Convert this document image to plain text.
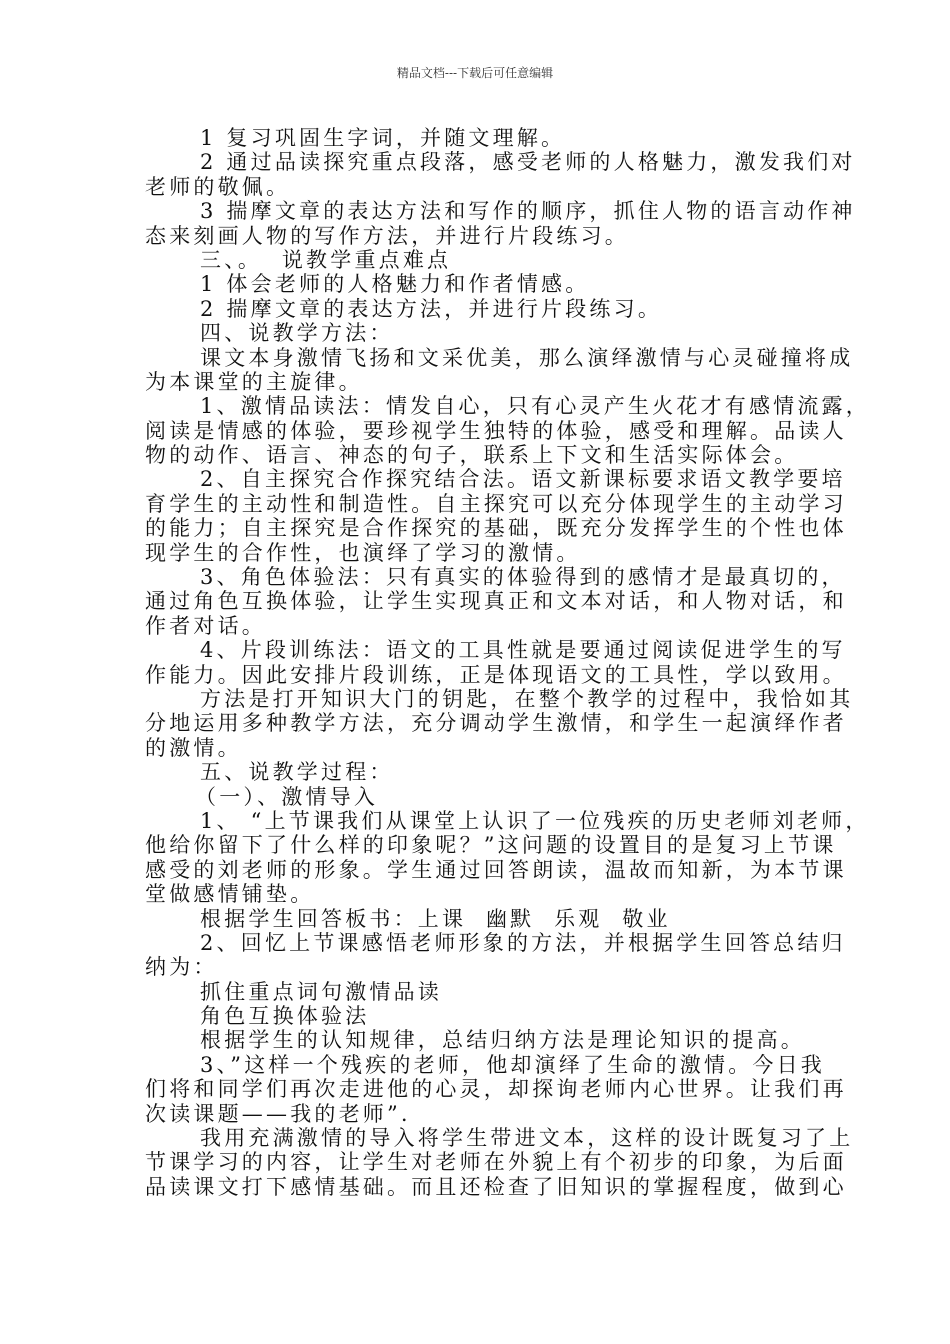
精品文档---下载后可任意编辑
1 复习巩固生字词，并随文理解。
2 通过品读探究重点段落，感受老师的人格魅力，激发我们对
老师的敬佩。
3 揣摩文章的表达方法和写作的顺序，抓住人物的语言动作神
态来刻画人物的写作方法，并进行片段练习。
三、。  说教学重点难点
1 体会老师的人格魅力和作者情感。
2 揣摩文章的表达方法，并进行片段练习。
四、说教学方法：
课文本身激情飞扬和文采优美，那么演绎激情与心灵碰撞将成
为本课堂的主旋律。
1、激情品读法：情发自心，只有心灵产生火花才有感情流露，
阅读是情感的体验，要珍视学生独特的体验，感受和理解。品读人
物的动作、语言、神态的句子，联系上下文和生活实际体会。
2、自主探究合作探究结合法。语文新课标要求语文教学要培
育学生的主动性和制造性。自主探究可以充分体现学生的主动学习
的能力；自主探究是合作探究的基础，既充分发挥学生的个性也体
现学生的合作性，也演绎了学习的激情。
3、角色体验法：只有真实的体验得到的感情才是最真切的，
通过角色互换体验，让学生实现真正和文本对话，和人物对话，和
作者对话。
4、片段训练法：语文的工具性就是要通过阅读促进学生的写
作能力。因此安排片段训练，正是体现语文的工具性，学以致用。
方法是打开知识大门的钥匙，在整个教学的过程中，我恰如其
分地运用多种教学方法，充分调动学生激情，和学生一起演绎作者
的激情。
五、说教学过程：
（一）、激情导入
1、 “上节课我们从课堂上认识了一位残疾的历史老师刘老师，
他给你留下了什么样的印象呢？”这问题的设置目的是复习上节课
感受的刘老师的形象。学生通过回答朗读，温故而知新，为本节课
堂做感情铺垫。
根据学生回答板书：上课  幽默  乐观  敬业
2、回忆上节课感悟老师形象的方法，并根据学生回答总结归
纳为：
抓住重点词句激情品读
角色互换体验法
根据学生的认知规律，总结归纳方法是理论知识的提高。
3、”这样一个残疾的老师，他却演绎了生命的激情。今日我
们将和同学们再次走进他的心灵，却探询老师内心世界。让我们再
次读课题——我的老师”.
我用充满激情的导入将学生带进文本，这样的设计既复习了上
节课学习的内容，让学生对老师在外貌上有个初步的印象，为后面
品读课文打下感情基础。而且还检查了旧知识的掌握程度，做到心
